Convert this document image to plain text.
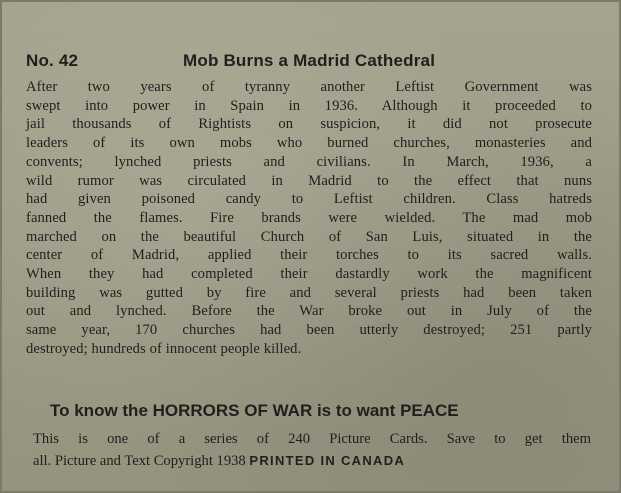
No. 42	Mob Burns a Madrid Cathedral
After two years of tyranny another Leftist Government was
swept into power in Spain in 1936. Although it proceeded to
jail thousands of Rightists on suspicion, it did not prosecute
leaders of its own mobs who burned churches, monasteries and
convents; lynched priests and civilians. In March, 1936, a
wild rumor was circulated in Madrid to the effect that nuns
had given poisoned candy to Leftist children. Class hatreds
fanned the flames. Fire brands were wielded. The mad mob
marched on the beautiful Church of San Luis, situated in the
center of Madrid, applied their torches to its sacred walls.
When they had completed their dastardly work the magnificent
building was gutted by fire and several priests had been taken
out and lynched. Before the War broke out in July of the
same year, 170 churches had been utterly destroyed; 251 partly
destroyed; hundreds of innocent people killed.
To know the HORRORS OF WAR is to want PEACE
This is one of a series of 240 Picture Cards. Save to get them
all. Picture and Text Copyright 1938 PRINTED IN CANADA
